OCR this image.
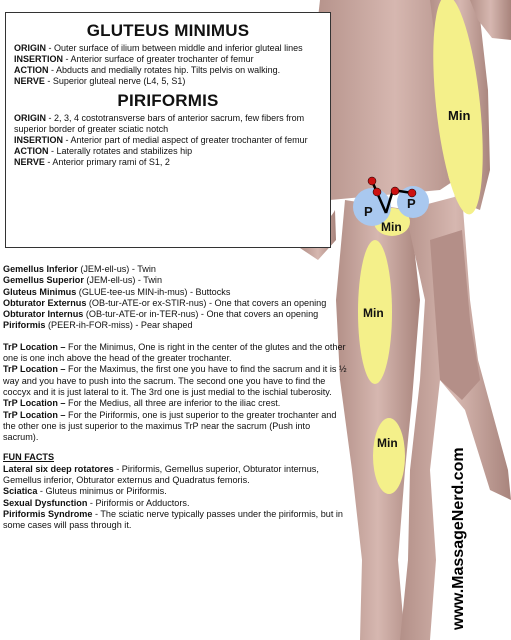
Min
P
P
Min
Min
Min
GLUTEUS MINIMUS

ORIGIN - Outer surface of ilium between middle and inferior gluteal lines

INSERTION - Anterior surface of greater trochanter of femur

ACTION - Abducts and medially rotates hip. Tilts pelvis on walking.

NERVE - Superior gluteal nerve (L4, 5, S1)

PIRIFORMIS

ORIGIN - 2, 3, 4 costotransverse bars of anterior sacrum, few fibers from superior border of greater sciatic notch

INSERTION - Anterior part of medial aspect of greater trochanter of femur

ACTION - Laterally rotates and stabilizes hip

NERVE - Anterior primary rami of S1, 2

Gemellus Inferior (JEM-ell-us) - Twin

Gemellus Superior (JEM-ell-us) - Twin

Gluteus Minimus (GLUE-tee-us MIN-ih-mus) - Buttocks

Obturator Externus (OB-tur-ATE-or ex-STIR-nus) - One that covers an opening

Obturator Internus (OB-tur-ATE-or in-TER-nus) - One that covers an opening

Piriformis (PEER-ih-FOR-miss) - Pear shaped

TrP Location – For the Minimus, One is right in the center of the glutes and the other one is one inch above the head of the greater trochanter.

TrP Location – For the Maximus, the first one you have to find the sacrum and it is ½ way and you have to push into the sacrum. The second one you have to find the coccyx and it is just lateral to it. The 3rd one is just medial to the ischial tuberosity.

TrP Location – For the Medius, all three are inferior to the iliac crest.

TrP Location – For the Piriformis, one is just superior to the greater trochanter and the other one is just superior to the maximus TrP near the sacrum (Push into sacrum).

FUN FACTS

Lateral six deep rotatores - Piriformis, Gemellus superior, Obturator internus, Gemellus inferior, Obturator externus and Quadratus femoris.

Sciatica - Gluteus minimus or Piriformis.

Sexual Dysfunction - Piriformis or Adductors.

Piriformis Syndrome - The sciatic nerve typically passes under the piriformis, but in some cases will pass through it.	www.MassageNerd.com
